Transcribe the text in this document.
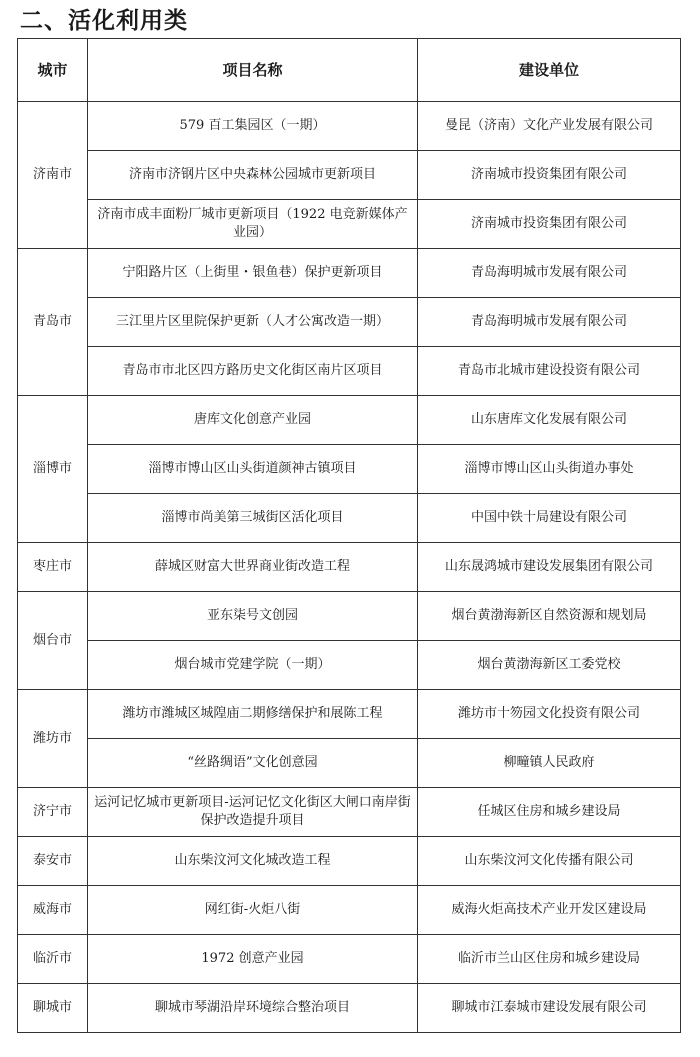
二、活化利用类
城市	项目名称	建设单位
济南市	579 百工集园区（一期）	曼昆（济南）文化产业发展有限公司
	济南市济钢片区中央森林公园城市更新项目	济南城市投资集团有限公司
	济南市成丰面粉厂城市更新项目（1922 电竞新媒体产业园）	济南城市投资集团有限公司
青岛市	宁阳路片区（上街里・银鱼巷）保护更新项目	青岛海明城市发展有限公司
	三江里片区里院保护更新（人才公寓改造一期）	青岛海明城市发展有限公司
	青岛市市北区四方路历史文化街区南片区项目	青岛市北城市建设投资有限公司
淄博市	唐库文化创意产业园	山东唐库文化发展有限公司
	淄博市博山区山头街道颜神古镇项目	淄博市博山区山头街道办事处
	淄博市尚美第三城街区活化项目	中国中铁十局建设有限公司
枣庄市	薛城区财富大世界商业街改造工程	山东晟鸿城市建设发展集团有限公司
烟台市	亚东柒号文创园	烟台黄渤海新区自然资源和规划局
	烟台城市党建学院（一期）	烟台黄渤海新区工委党校
潍坊市	潍坊市潍城区城隍庙二期修缮保护和展陈工程	潍坊市十笏园文化投资有限公司
	“丝路绸语”文化创意园	柳疃镇人民政府
济宁市	运河记忆城市更新项目-运河记忆文化街区大闸口南岸街保护改造提升项目	任城区住房和城乡建设局
泰安市	山东柴汶河文化城改造工程	山东柴汶河文化传播有限公司
威海市	网红街-火炬八街	威海火炬高技术产业开发区建设局
临沂市	1972 创意产业园	临沂市兰山区住房和城乡建设局
聊城市	聊城市琴湖沿岸环境综合整治项目	聊城市江泰城市建设发展有限公司
